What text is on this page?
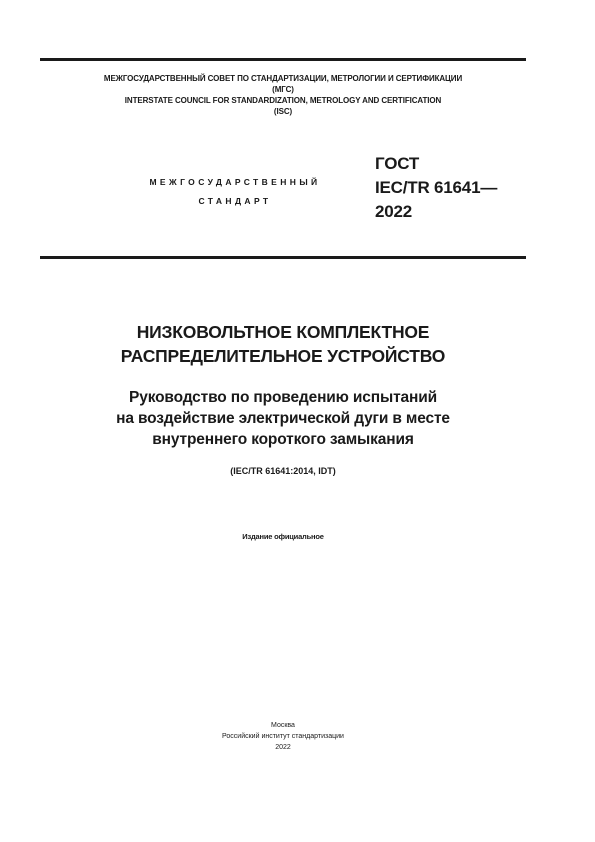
МЕЖГОСУДАРСТВЕННЫЙ СОВЕТ ПО СТАНДАРТИЗАЦИИ, МЕТРОЛОГИИ И СЕРТИФИКАЦИИ
(МГС)
INTERSTATE COUNCIL FOR STANDARDIZATION, METROLOGY AND CERTIFICATION
(ISC)
МЕЖГОСУДАРСТВЕННЫЙ
СТАНДАРТ
ГОСТ
IEC/TR 61641—
2022
НИЗКОВОЛЬТНОЕ КОМПЛЕКТНОЕ
РАСПРЕДЕЛИТЕЛЬНОЕ УСТРОЙСТВО
Руководство по проведению испытаний
на воздействие электрической дуги в месте
внутреннего короткого замыкания
(IEC/TR 61641:2014, IDT)
Издание официальное
Москва
Российский институт стандартизации
2022
